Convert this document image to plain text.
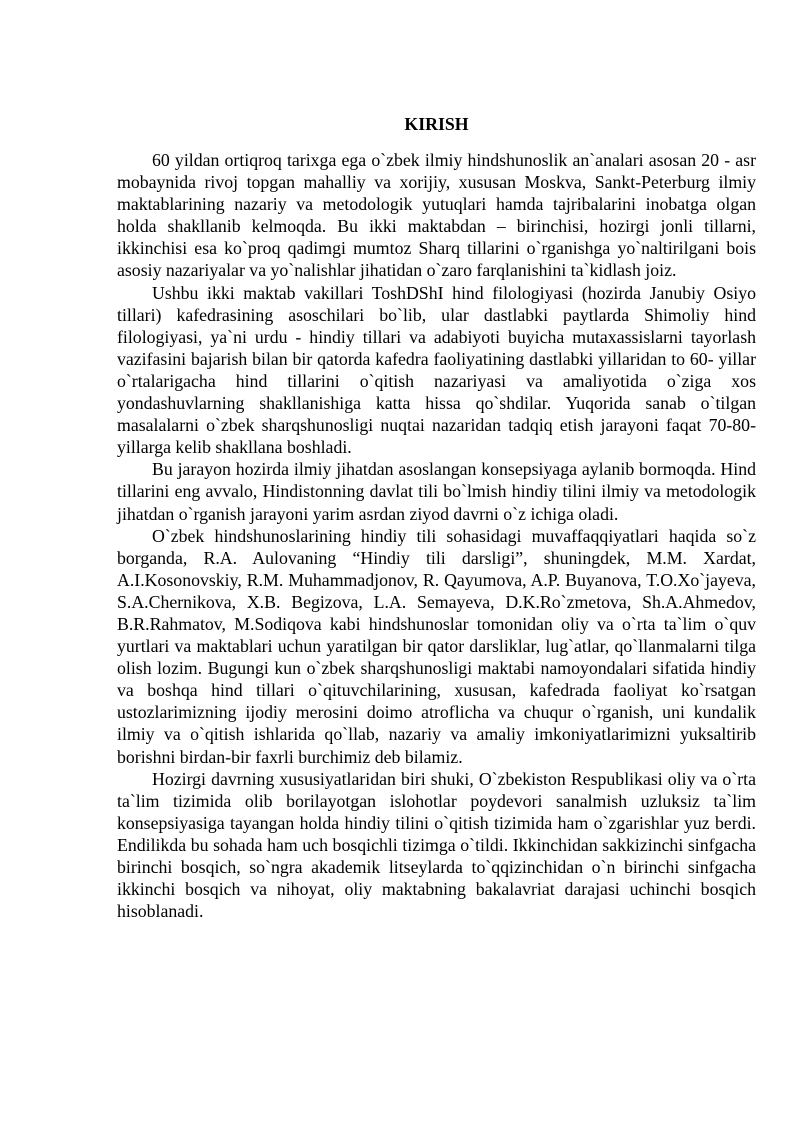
KIRISH

60 yildan ortiqroq tarixga ega o`zbek ilmiy hindshunoslik an`analari asosan 20 - asr mobaynida rivoj topgan mahalliy va xorijiy, xususan Moskva, Sankt-Peterburg ilmiy maktablarining nazariy va metodologik yutuqlari hamda tajribalarini inobatga olgan holda shakllanib kelmoqda. Bu ikki maktabdan – birinchisi, hozirgi jonli tillarni, ikkinchisi esa ko`proq qadimgi mumtoz Sharq tillarini o`rganishga yo`naltirilgani bois asosiy nazariyalar va yo`nalishlar jihatidan o`zaro farqlanishini ta`kidlash joiz.

Ushbu ikki maktab vakillari ToshDShI hind filologiyasi (hozirda Janubiy Osiyo tillari) kafedrasining asoschilari bo`lib, ular dastlabki paytlarda Shimoliy hind filologiyasi, ya`ni urdu - hindiy tillari va adabiyoti buyicha mutaxassislarni tayorlash vazifasini bajarish bilan bir qatorda kafedra faoliyatining dastlabki yillaridan to 60- yillar o`rtalarigacha hind tillarini o`qitish nazariyasi va amaliyotida o`ziga xos yondashuvlarning shakllanishiga katta hissa qo`shdilar. Yuqorida sanab o`tilgan masalalarni o`zbek sharqshunosligi nuqtai nazaridan tadqiq etish jarayoni faqat 70-80-yillarga kelib shakllana boshladi.

Bu jarayon hozirda ilmiy jihatdan asoslangan konsepsiyaga aylanib bormoqda. Hind tillarini eng avvalo, Hindistonning davlat tili bo`lmish hindiy tilini ilmiy va metodologik jihatdan o`rganish jarayoni yarim asrdan ziyod davrni o`z ichiga oladi.

O`zbek hindshunoslarining hindiy tili sohasidagi muvaffaqqiyatlari haqida so`z borganda, R.A. Aulovaning “Hindiy tili darsligi”, shuningdek, M.M. Xardat, A.I.Kosonovskiy, R.M. Muhammadjonov, R. Qayumova, A.P. Buyanova, T.O.Xo`jayeva, S.A.Chernikova, X.B. Begizova, L.A. Semayeva, D.K.Ro`zmetova, Sh.A.Ahmedov, B.R.Rahmatov, M.Sodiqova kabi hindshunoslar tomonidan oliy va o`rta ta`lim o`quv yurtlari va maktablari uchun yaratilgan bir qator darsliklar, lug`atlar, qo`llanmalarni tilga olish lozim. Bugungi kun o`zbek sharqshunosligi maktabi namoyondalari sifatida hindiy va boshqa hind tillari o`qituvchilarining, xususan, kafedrada faoliyat ko`rsatgan ustozlarimizning ijodiy merosini doimo atroflicha va chuqur o`rganish, uni kundalik ilmiy va o`qitish ishlarida qo`llab, nazariy va amaliy imkoniyatlarimizni yuksaltirib borishni birdan-bir faxrli burchimiz deb bilamiz.

Hozirgi davrning xususiyatlaridan biri shuki, O`zbekiston Respublikasi oliy va o`rta ta`lim tizimida olib borilayotgan islohotlar poydevori sanalmish uzluksiz ta`lim konsepsiyasiga tayangan holda hindiy tilini o`qitish tizimida ham o`zgarishlar yuz berdi. Endilikda bu sohada ham uch bosqichli tizimga o`tildi. Ikkinchidan sakkizinchi sinfgacha birinchi bosqich, so`ngra akademik litseylarda to`qqizinchidan o`n birinchi sinfgacha ikkinchi bosqich va nihoyat, oliy maktabning bakalavriat darajasi uchinchi bosqich hisoblanadi.
